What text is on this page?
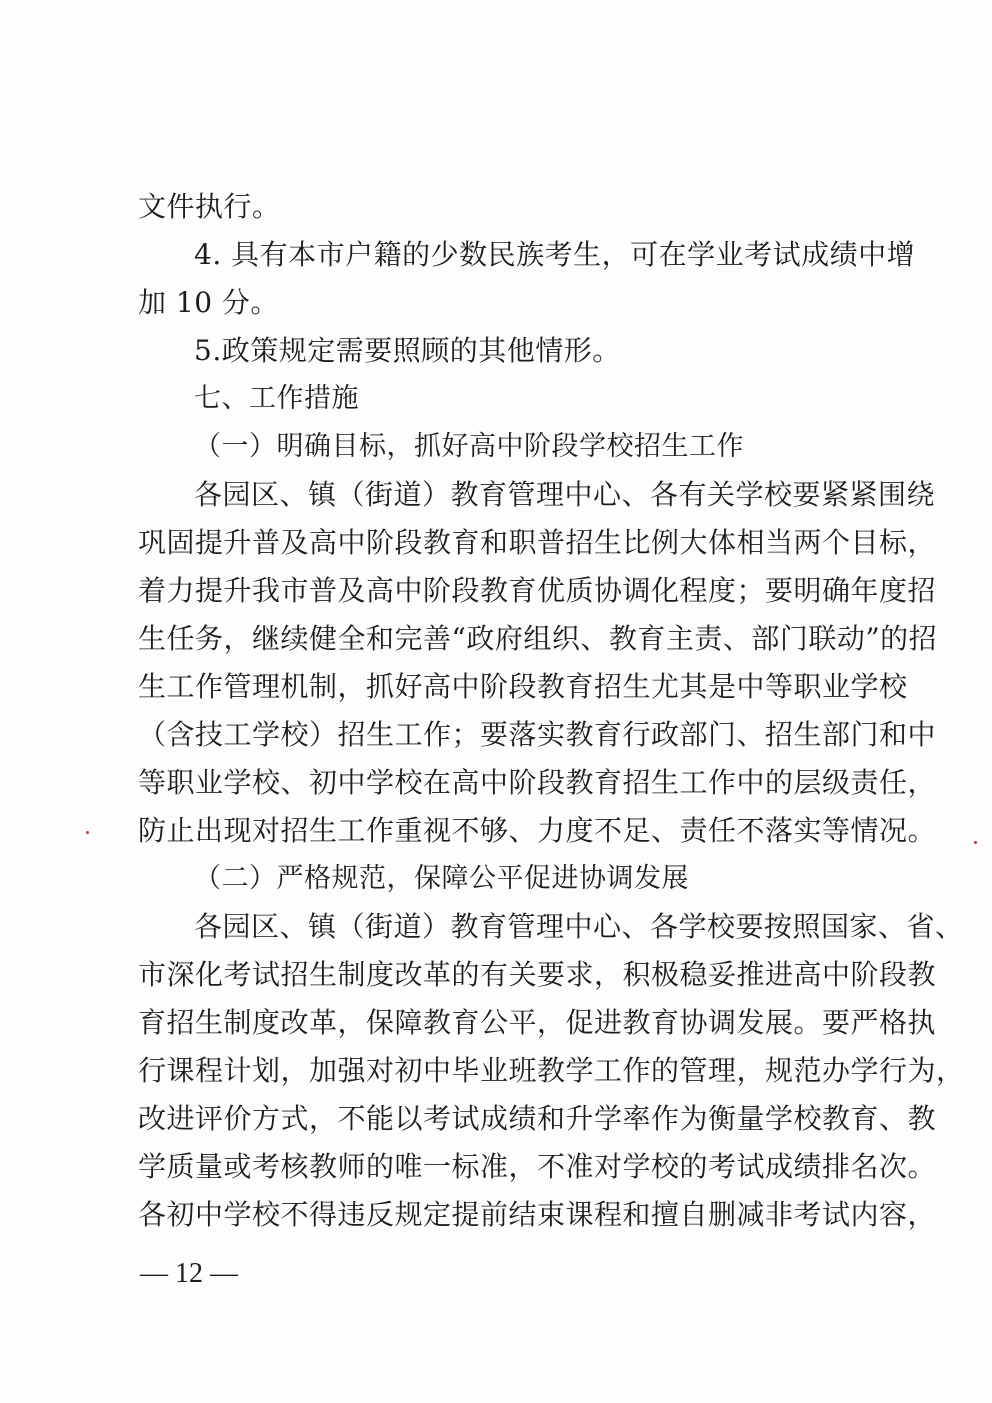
文件执行。
4. 具有本市户籍的少数民族考生，可在学业考试成绩中增
加 10 分。
5.政策规定需要照顾的其他情形。
七、工作措施
（一）明确目标，抓好高中阶段学校招生工作
各园区、镇（街道）教育管理中心、各有关学校要紧紧围绕
巩固提升普及高中阶段教育和职普招生比例大体相当两个目标，
着力提升我市普及高中阶段教育优质协调化程度；要明确年度招
生任务，继续健全和完善“政府组织、教育主责、部门联动”的招
生工作管理机制，抓好高中阶段教育招生尤其是中等职业学校
（含技工学校）招生工作；要落实教育行政部门、招生部门和中
等职业学校、初中学校在高中阶段教育招生工作中的层级责任，
防止出现对招生工作重视不够、力度不足、责任不落实等情况。
（二）严格规范，保障公平促进协调发展
各园区、镇（街道）教育管理中心、各学校要按照国家、省、
市深化考试招生制度改革的有关要求，积极稳妥推进高中阶段教
育招生制度改革，保障教育公平，促进教育协调发展。要严格执
行课程计划，加强对初中毕业班教学工作的管理，规范办学行为，
改进评价方式，不能以考试成绩和升学率作为衡量学校教育、教
学质量或考核教师的唯一标准，不准对学校的考试成绩排名次。
各初中学校不得违反规定提前结束课程和擅自删减非考试内容，
— 12 —
